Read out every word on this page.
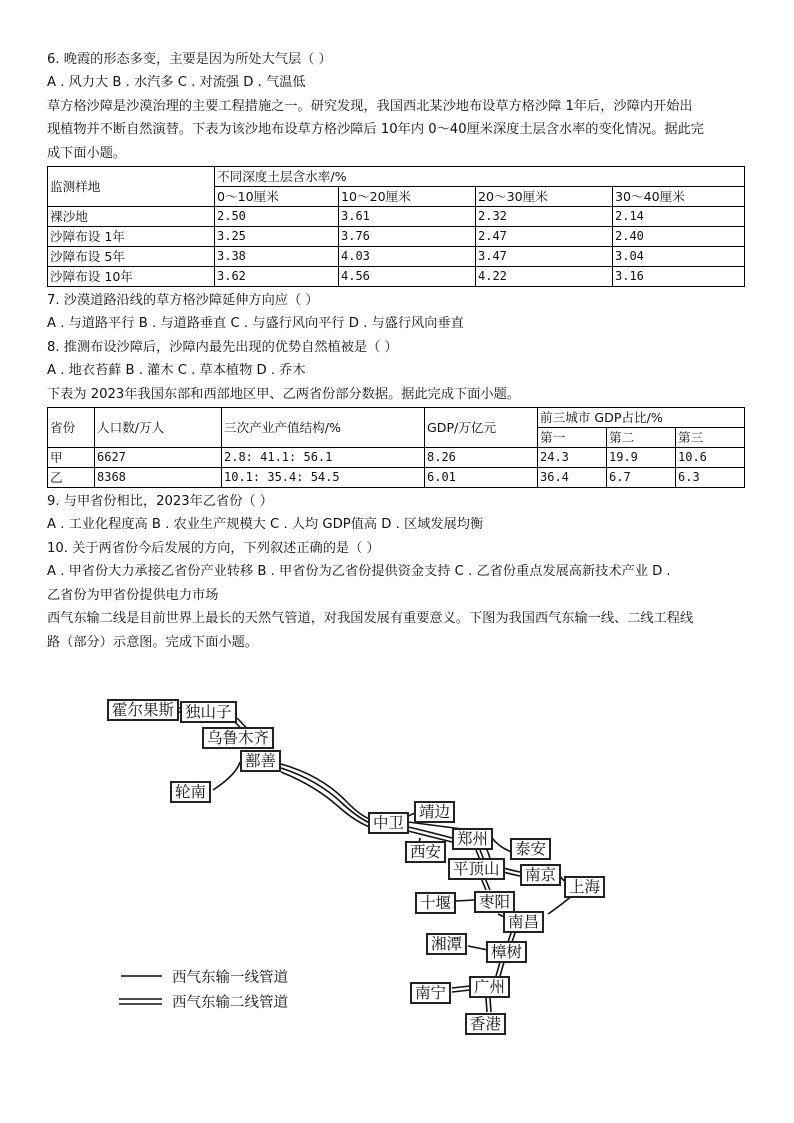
6. 晚霞的形态多变，主要是因为所处大气层（ ）
A . 风力大 B . 水汽多 C . 对流强 D . 气温低
草方格沙障是沙漠治理的主要工程措施之一。研究发现，我国西北某沙地布设草方格沙障 1年后，沙障内开始出
现植物并不断自然演替。下表为该沙地布设草方格沙障后 10年内 0～40厘米深度土层含水率的变化情况。据此完
成下面小题。
监测样地	不同深度土层含水率/%			
	0～10厘米	10～20厘米	20～30厘米	30～40厘米
裸沙地	2.50	3.61	2.32	2.14
沙障布设 1年	3.25	3.76	2.47	2.40
沙障布设 5年	3.38	4.03	3.47	3.04
沙障布设 10年	3.62	4.56	4.22	3.16
7. 沙漠道路沿线的草方格沙障延伸方向应（ ）
A . 与道路平行 B . 与道路垂直 C . 与盛行风向平行 D . 与盛行风向垂直
8. 推测布设沙障后，沙障内最先出现的优势自然植被是（ ）
A . 地衣苔藓 B . 灌木 C . 草本植物 D . 乔木
下表为 2023年我国东部和西部地区甲、乙两省份部分数据。据此完成下面小题。
省份	人口数/万人	三次产业产值结构/%	GDP/万亿元	前三城市 GDP占比/%		
				第一	第二	第三
甲	6627	2.8: 41.1: 56.1	8.26	24.3	19.9	10.6
乙	8368	10.1: 35.4: 54.5	6.01	36.4	6.7	6.3
9. 与甲省份相比，2023年乙省份（ ）
A . 工业化程度高 B . 农业生产规模大 C . 人均 GDP值高 D . 区域发展均衡
10. 关于两省份今后发展的方向，下列叙述正确的是（ ）
A . 甲省份大力承接乙省份产业转移 B . 甲省份为乙省份提供资金支持 C . 乙省份重点发展高新技术产业 D .
乙省份为甲省份提供电力市场
西气东输二线是目前世界上最长的天然气管道，对我国发展有重要意义。下图为我国西气东输一线、二线工程线
路（部分）示意图。完成下面小题。
霍尔果斯 独山子
乌鲁木齐
鄯善
轮南
中卫
靖边
郑州
西安	泰安
平顶山	南京
上海
十堰	枣阳
南昌
湘潭	樟树
南宁	广州
香港
西气东输一线管道
西气东输二线管道
